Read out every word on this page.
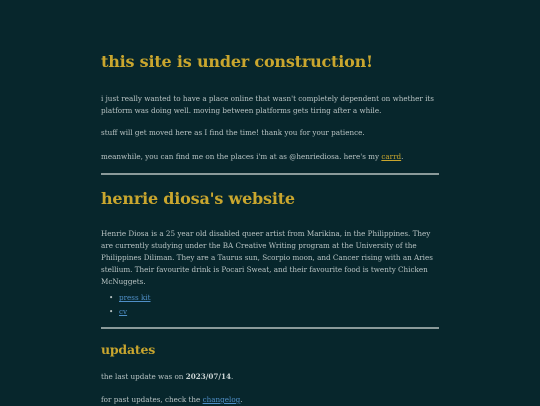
this site is under construction!

i just really wanted to have a place online that wasn't completely dependent on whether its platform was doing well. moving between platforms gets tiring after a while.

stuff will get moved here as I find the time! thank you for your patience.

meanwhile, you can find me on the places i'm at as @henriediosa. here's my carrd.

henrie diosa's website

Henrie Diosa is a 25 year old disabled queer artist from Marikina, in the Philippines. They are currently studying under the BA Creative Writing program at the University of the Philippines Diliman. They are a Taurus sun, Scorpio moon, and Cancer rising with an Aries stellium. Their favourite drink is Pocari Sweat, and their favourite food is twenty Chicken McNuggets.

• press kit
• cv
updates

the last update was on 2023/07/14.

for past updates, check the changelog.
